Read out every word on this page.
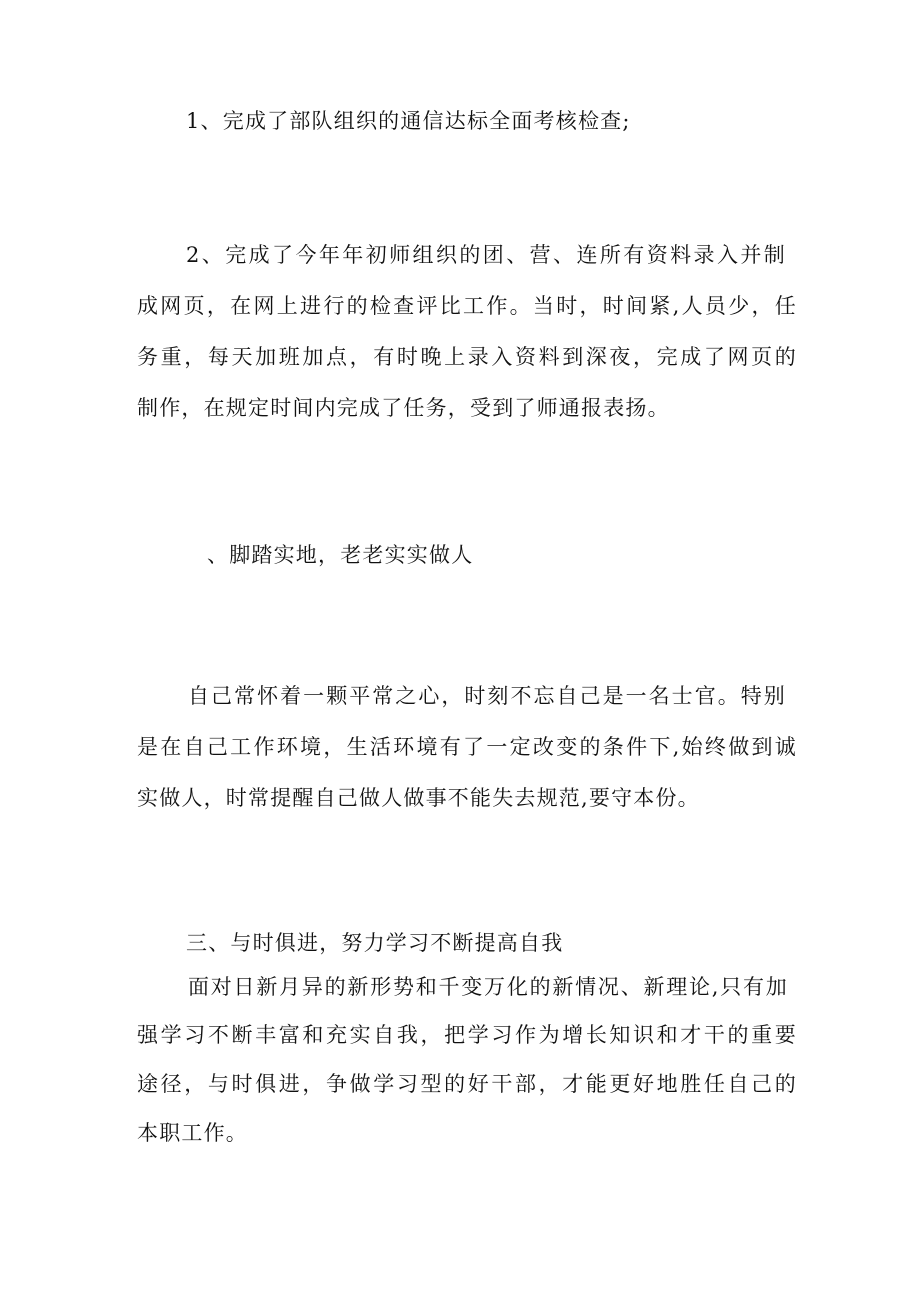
1、完成了部队组织的通信达标全面考核检查;
2、完成了今年年初师组织的团、营、连所有资料录入并制
成网页，在网上进行的检查评比工作。当时，时间紧,人员少，任
务重，每天加班加点，有时晚上录入资料到深夜，完成了网页的
制作，在规定时间内完成了任务，受到了师通报表扬。
、脚踏实地，老老实实做人
自己常怀着一颗平常之心，时刻不忘自己是一名士官。特别
是在自己工作环境，生活环境有了一定改变的条件下,始终做到诚
实做人，时常提醒自己做人做事不能失去规范,要守本份。
三、与时俱进，努力学习不断提高自我
面对日新月异的新形势和千变万化的新情况、新理论,只有加
强学习不断丰富和充实自我，把学习作为增长知识和才干的重要
途径，与时俱进，争做学习型的好干部，才能更好地胜任自己的
本职工作。
